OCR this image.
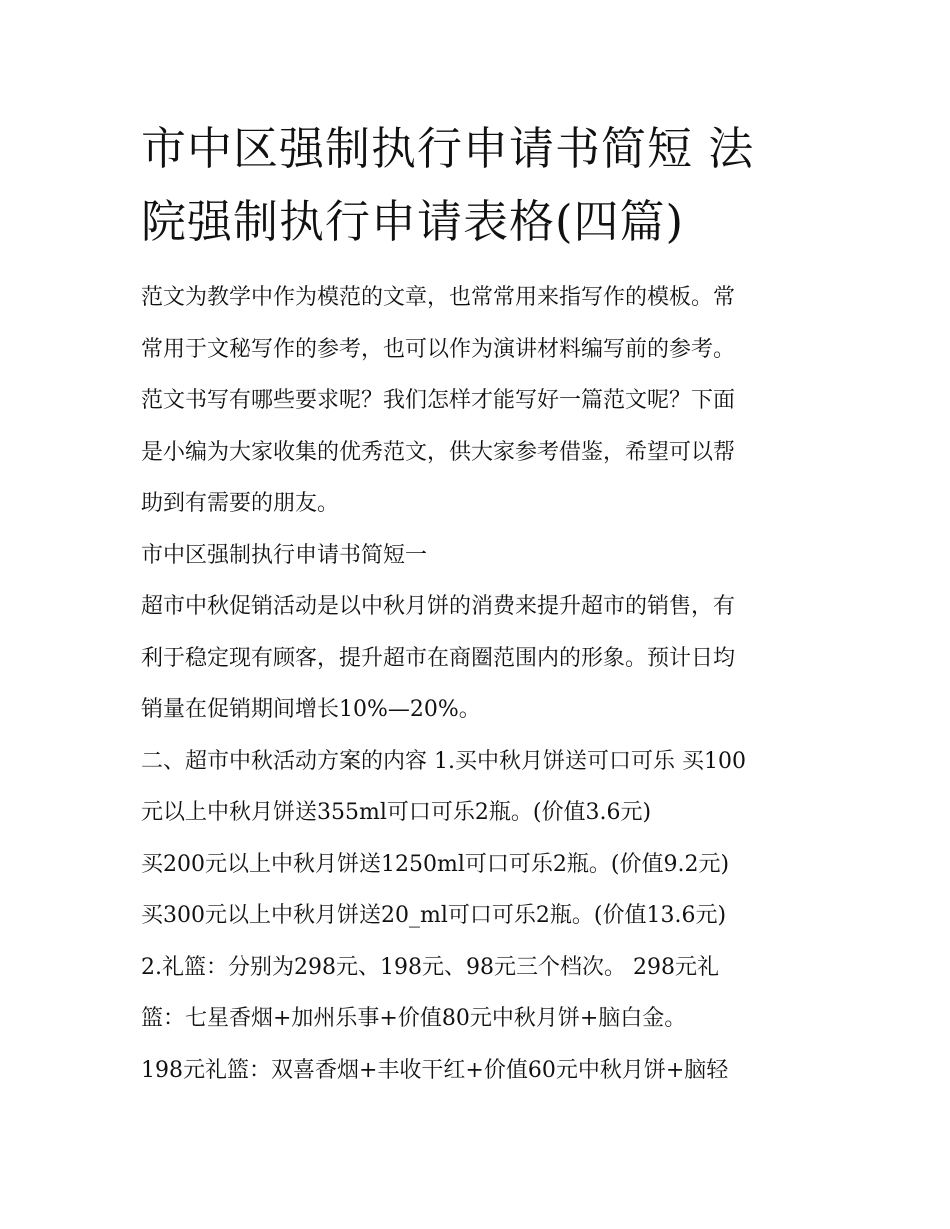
市中区强制执行申请书简短 法
院强制执行申请表格(四篇)
范文为教学中作为模范的文章，也常常用来指写作的模板。常
常用于文秘写作的参考，也可以作为演讲材料编写前的参考。
范文书写有哪些要求呢？我们怎样才能写好一篇范文呢？下面
是小编为大家收集的优秀范文，供大家参考借鉴，希望可以帮
助到有需要的朋友。
市中区强制执行申请书简短一
超市中秋促销活动是以中秋月饼的消费来提升超市的销售，有
利于稳定现有顾客，提升超市在商圈范围内的形象。预计日均
销量在促销期间增长10%—20%。
二、超市中秋活动方案的内容 1.买中秋月饼送可口可乐 买100
元以上中秋月饼送355ml可口可乐2瓶。(价值3.6元)
买200元以上中秋月饼送1250ml可口可乐2瓶。(价值9.2元)
买300元以上中秋月饼送20_ml可口可乐2瓶。(价值13.6元)
2.礼篮：分别为298元、198元、98元三个档次。 298元礼
篮：七星香烟+加州乐事+价值80元中秋月饼+脑白金。
198元礼篮：双喜香烟+丰收干红+价值60元中秋月饼+脑轻
